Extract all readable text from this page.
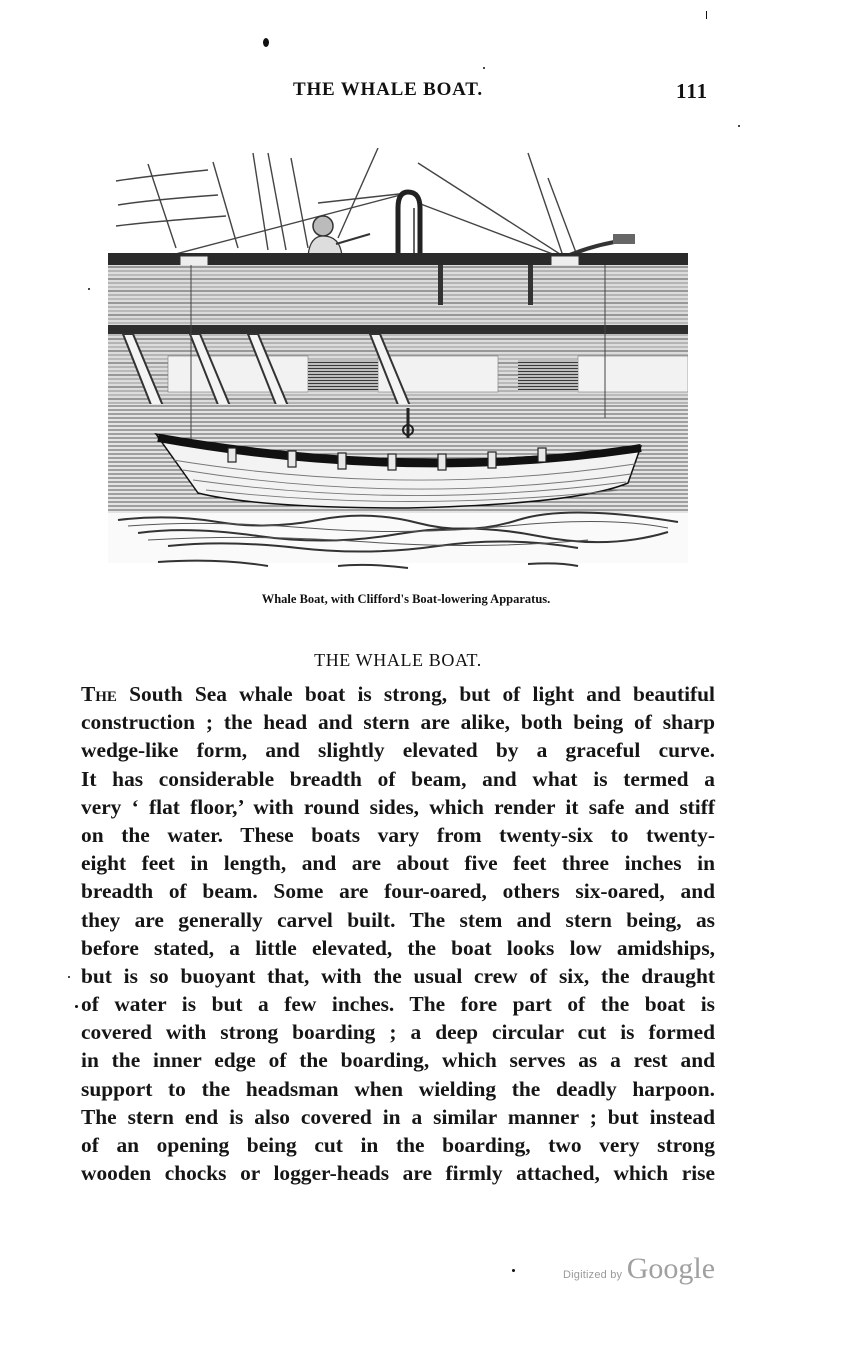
THE WHALE BOAT.	111
Whale Boat, with Clifford's Boat-lowering Apparatus.
THE WHALE BOAT.
The South Sea whale boat is strong, but of light and beautiful
construction ; the head and stern are alike, both being of sharp
wedge-like form, and slightly elevated by a graceful curve.
It has considerable breadth of beam, and what is termed a
very ‘ flat floor,’ with round sides, which render it safe and stiff
on the water. These boats vary from twenty-six to twenty-
eight feet in length, and are about five feet three inches in
breadth of beam. Some are four-oared, others six-oared, and
they are generally carvel built. The stem and stern being, as
before stated, a little elevated, the boat looks low amidships,
but is so buoyant that, with the usual crew of six, the draught
of water is but a few inches. The fore part of the boat is
covered with strong boarding ; a deep circular cut is formed
in the inner edge of the boarding, which serves as a rest and
support to the headsman when wielding the deadly harpoon.
The stern end is also covered in a similar manner ; but instead
of an opening being cut in the boarding, two very strong
wooden chocks or logger-heads are firmly attached, which rise
Digitized by Google
